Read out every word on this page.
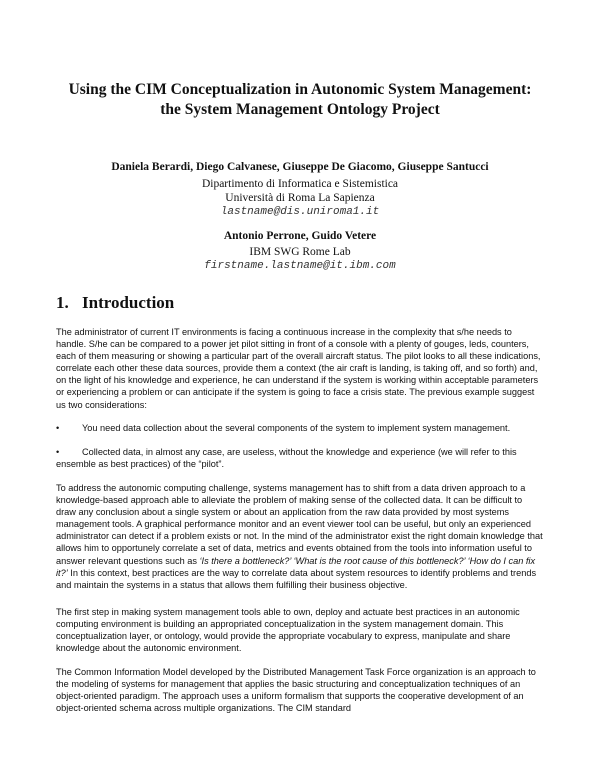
Using the CIM Conceptualization in Autonomic System Management:
the System Management Ontology Project

Daniela Berardi, Diego Calvanese, Giuseppe De Giacomo, Giuseppe Santucci

Dipartimento di Informatica e Sistemistica

Università di Roma La Sapienza

lastname@dis.uniroma1.it

Antonio Perrone, Guido Vetere

IBM SWG Rome Lab

firstname.lastname@it.ibm.com

1. Introduction

The administrator of current IT environments is facing a continuous increase in the complexity that s/he needs to handle. S/he can be compared to a power jet pilot sitting in front of a console with a plenty of gouges, leds, counters, each of them measuring or showing a particular part of the overall aircraft status. The pilot looks to all these indications, correlate each other these data sources, provide them a context (the air craft is landing, is taking off, and so forth) and, on the light of his knowledge and experience, he can understand if the system is working within acceptable parameters or experiencing a problem or can anticipate if the system is going to face a crisis state. The previous example suggest us two considerations:

• You need data collection about the several components of the system to implement system management.

• Collected data, in almost any case, are useless, without the knowledge and experience (we will refer to this ensemble as best practices) of the “pilot”.

To address the autonomic computing challenge, systems management has to shift from a data driven approach to a knowledge-based approach able to alleviate the problem of making sense of the collected data. It can be difficult to draw any conclusion about a single system or about an application from the raw data provided by most systems management tools. A graphical performance monitor and an event viewer tool can be useful, but only an experienced administrator can detect if a problem exists or not. In the mind of the administrator exist the right domain knowledge that allows him to opportunely correlate a set of data, metrics and events obtained from the tools into information useful to answer relevant questions such as ‘Is there a bottleneck?’ ‘What is the root cause of this bottleneck?’ ‘How do I can fix it?’ In this context, best practices are the way to correlate data about system resources to identify problems and trends and maintain the systems in a status that allows them fulfilling their business objective.

The first step in making system management tools able to own, deploy and actuate best practices in an autonomic computing environment is building an appropriated conceptualization in the system management domain. This conceptualization layer, or ontology, would provide the appropriate vocabulary to express, manipulate and share knowledge about the autonomic environment.

The Common Information Model developed by the Distributed Management Task Force organization is an approach to the modeling of systems for management that applies the basic structuring and conceptualization techniques of an object-oriented paradigm. The approach uses a uniform formalism that supports the cooperative development of an object-oriented schema across multiple organizations. The CIM standard
